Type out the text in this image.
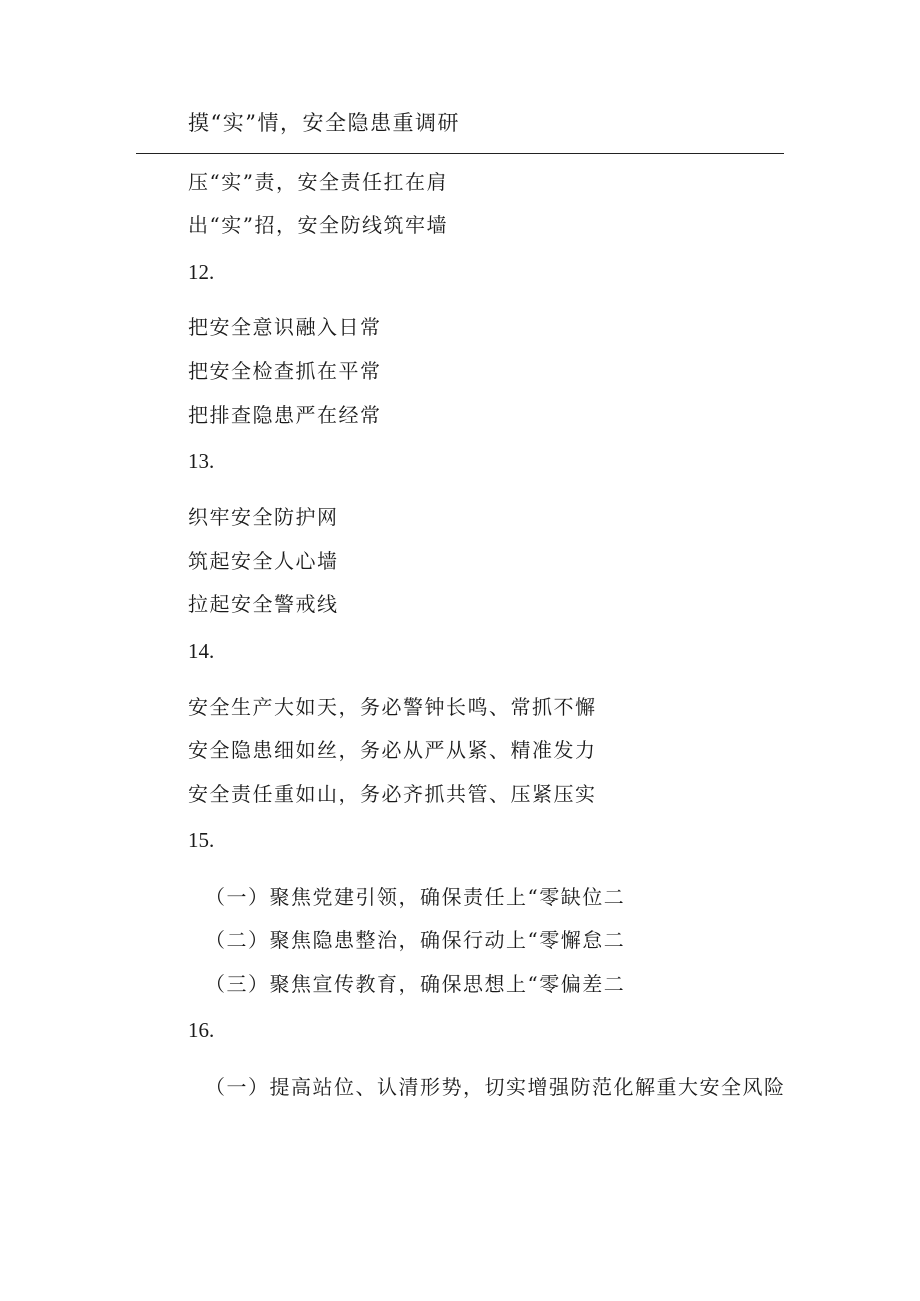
摸“实”情，安全隐患重调研
压“实”责，安全责任扛在肩
出“实”招，安全防线筑牢墙
12.
把安全意识融入日常
把安全检查抓在平常
把排查隐患严在经常
13.
织牢安全防护网
筑起安全人心墙
拉起安全警戒线
14.
安全生产大如天，务必警钟长鸣、常抓不懈
安全隐患细如丝，务必从严从紧、精准发力
安全责任重如山，务必齐抓共管、压紧压实
15.
（一）聚焦党建引领，确保责任上“零缺位二
（二）聚焦隐患整治，确保行动上“零懈怠二
（三）聚焦宣传教育，确保思想上“零偏差二
16.
（一）提高站位、认清形势，切实增强防范化解重大安全风险
